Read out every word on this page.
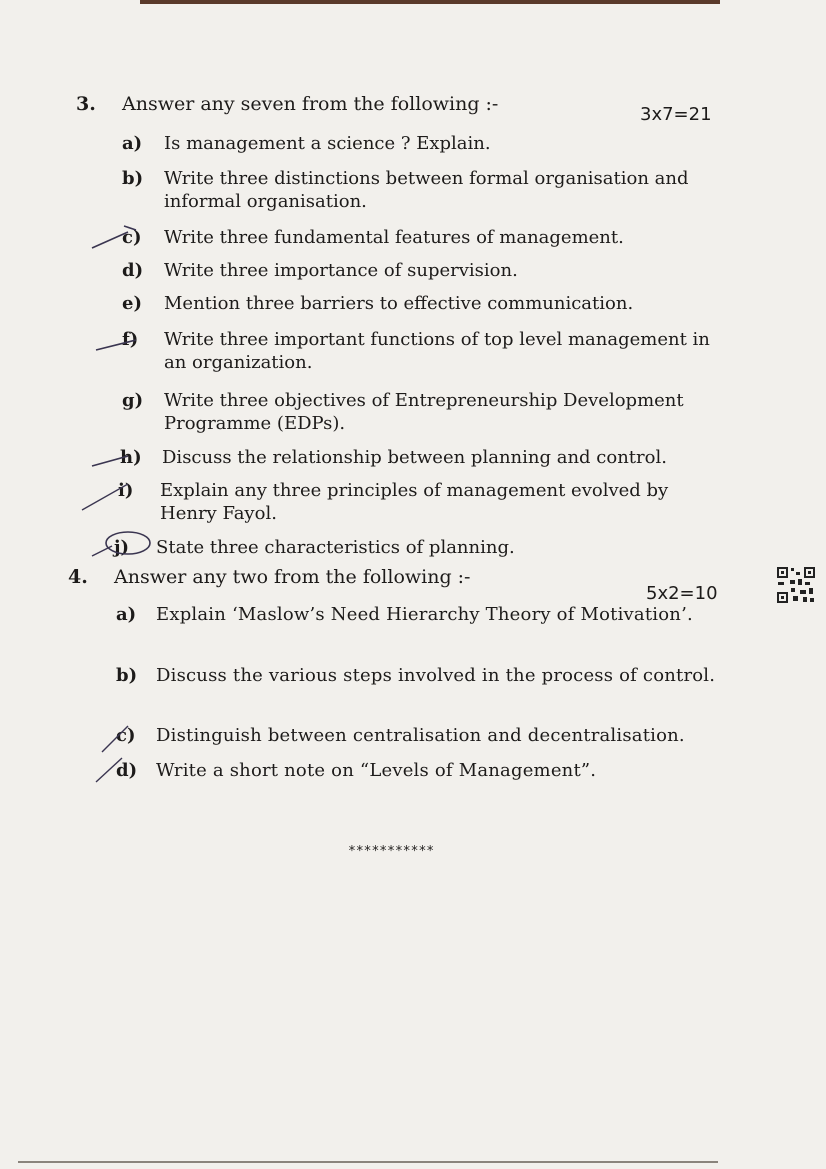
3. Answer any seven from the following :-	3x7=21
a) Is management a science ? Explain.
b) Write three distinctions between formal organisation and informal organisation.
c) Write three fundamental features of management.
d) Write three importance of supervision.
e) Mention three barriers to effective communication.
f) Write three important functions of top level management in an organization.
g) Write three objectives of Entrepreneurship Development Programme (EDPs).
h) Discuss the relationship between planning and control.
i) Explain any three principles of management evolved by Henry Fayol.
j) State three characteristics of planning.
4. Answer any two from the following :-
5x2=10
a) Explain ‘Maslow’s Need Hierarchy Theory of Motivation’.
b) Discuss the various steps involved in the process of control.
c) Distinguish between centralisation and decentralisation.
d) Write a short note on “Levels of Management”.
***********
